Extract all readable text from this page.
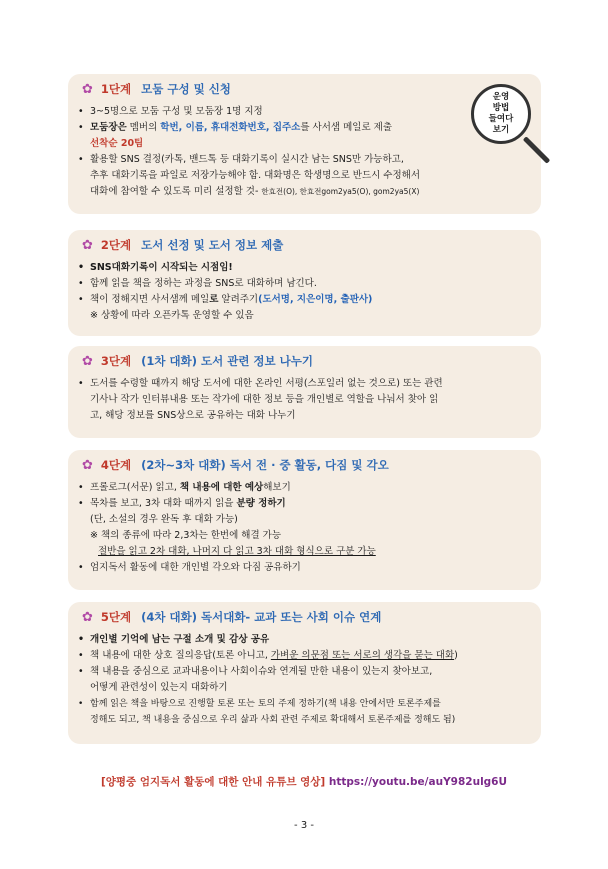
✿ 1단계 모둠 구성 및 신청
• 3~5명으로 모둠 구성 및 모둠장 1명 지정
• 모둠장은 멤버의 학번, 이름, 휴대전화번호, 집주소를 사서샘 메일로 제출
선착순 20팀
• 활용할 SNS 결정(카톡, 밴드톡 등 대화기록이 실시간 남는 SNS만 가능하고,
추후 대화기록을 파일로 저장가능해야 함. 대화명은 학생명으로 반드시 수정해서
대화에 참여할 수 있도록 미리 설정할 것- 한효전(O), 한효전gom2ya5(O), gom2ya5(X)
운영
방법
들여다
보기
✿ 2단계 도서 선정 및 도서 정보 제출
• SNS대화기록이 시작되는 시점임!
• 함께 읽을 책을 정하는 과정을 SNS로 대화하며 남긴다.
• 책이 정해지면 사서샘께 메일로 알려주기(도서명, 지은이명, 출판사)
※ 상황에 따라 오픈카톡 운영할 수 있음
✿ 3단계 (1차 대화) 도서 관련 정보 나누기
• 도서를 수령할 때까지 해당 도서에 대한 온라인 서평(스포일러 없는 것으로) 또는 관련
기사나 작가 인터뷰내용 또는 작가에 대한 정보 등을 개인별로 역할을 나눠서 찾아 읽
고, 해당 정보를 SNS상으로 공유하는 대화 나누기
✿ 4단계 (2차~3차 대화) 독서 전 · 중 활동, 다짐 및 각오
• 프롤로그(서문) 읽고, 책 내용에 대한 예상해보기
• 목차를 보고, 3차 대화 때까지 읽을 분량 정하기
(단, 소설의 경우 완독 후 대화 가능)
※ 책의 종류에 따라 2,3차는 한번에 해결 가능
절반을 읽고 2차 대화, 나머지 다 읽고 3차 대화 형식으로 구분 가능
• 엄지독서 활동에 대한 개인별 각오와 다짐 공유하기
✿ 5단계 (4차 대화) 독서대화- 교과 또는 사회 이슈 연계
• 개인별 기억에 남는 구절 소개 및 감상 공유
• 책 내용에 대한 상호 질의응답(토론 아니고, 가벼운 의문점 또는 서로의 생각을 묻는 대화)
• 책 내용을 중심으로 교과내용이나 사회이슈와 연계될 만한 내용이 있는지 찾아보고,
어떻게 관련성이 있는지 대화하기
• 함께 읽은 책을 바탕으로 진행할 토론 또는 토의 주제 정하기(책 내용 안에서만 토론주제를
정해도 되고, 책 내용을 중심으로 우리 삶과 사회 관련 주제로 확대해서 토론주제를 정해도 됨)
[양평중 엄지독서 활동에 대한 안내 유튜브 영상] https://youtu.be/auY982ulg6U
- 3 -
